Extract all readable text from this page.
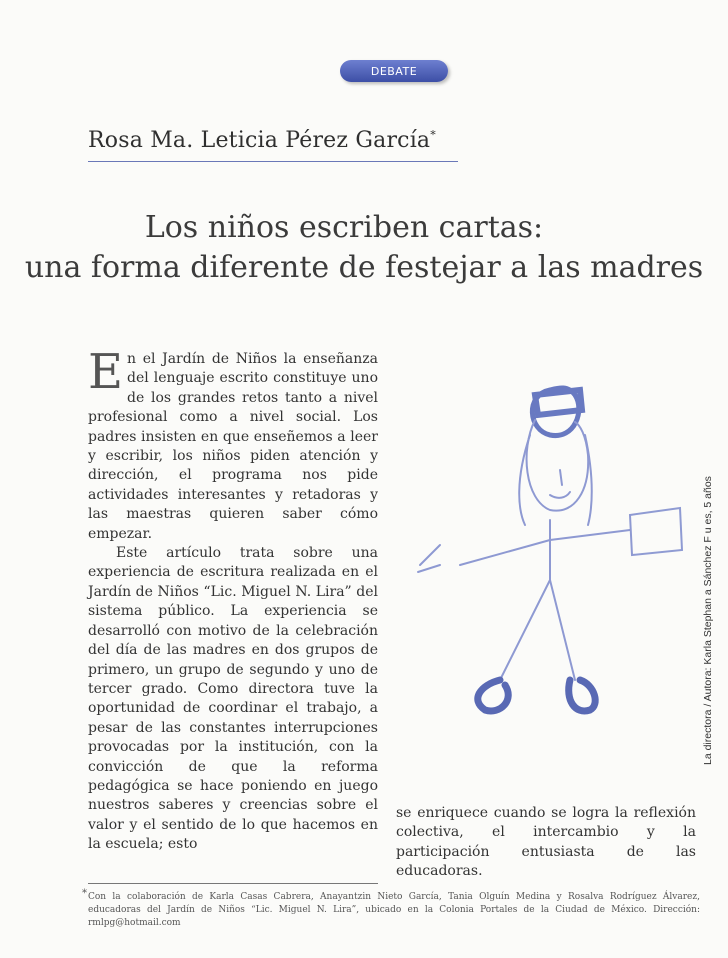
DEBATE
Rosa Ma. Leticia Pérez García*
Los niños escriben cartas:
una forma diferente de festejar a las madres

En el Jardín de Niños la enseñanza del lenguaje escrito constituye uno de los grandes retos tanto a nivel profesional como a nivel social. Los padres insisten en que enseñemos a leer y escribir, los niños piden atención y dirección, el programa nos pide actividades interesantes y retadoras y las maestras quieren saber cómo empezar.

Este artículo trata sobre una experiencia de escritura realizada en el Jardín de Niños “Lic. Miguel N. Lira” del sistema público. La experiencia se desarrolló con motivo de la celebración del día de las madres en dos grupos de primero, un grupo de segundo y uno de tercer grado. Como directora tuve la oportunidad de coordinar el trabajo, a pesar de las constantes interrupciones provocadas por la institución, con la convicción de que la reforma pedagógica se hace poniendo en juego nuestros saberes y creencias sobre el valor y el sentido de lo que hacemos en la escuela; esto

La directora / Autora: Karla Stephan a Sánchez F u es, 5 años
se enriquece cuando se logra la reflexión colectiva, el intercambio y la participación entusiasta de las educadoras.
* Con la colaboración de Karla Casas Cabrera, Anayantzin Nieto García, Tania Olguín Medina y Rosalva Rodríguez Álvarez, educadoras del Jardín de Niños “Lic. Miguel N. Lira”, ubicado en la Colonia Portales de la Ciudad de México. Dirección: rmlpg@hotmail.com
